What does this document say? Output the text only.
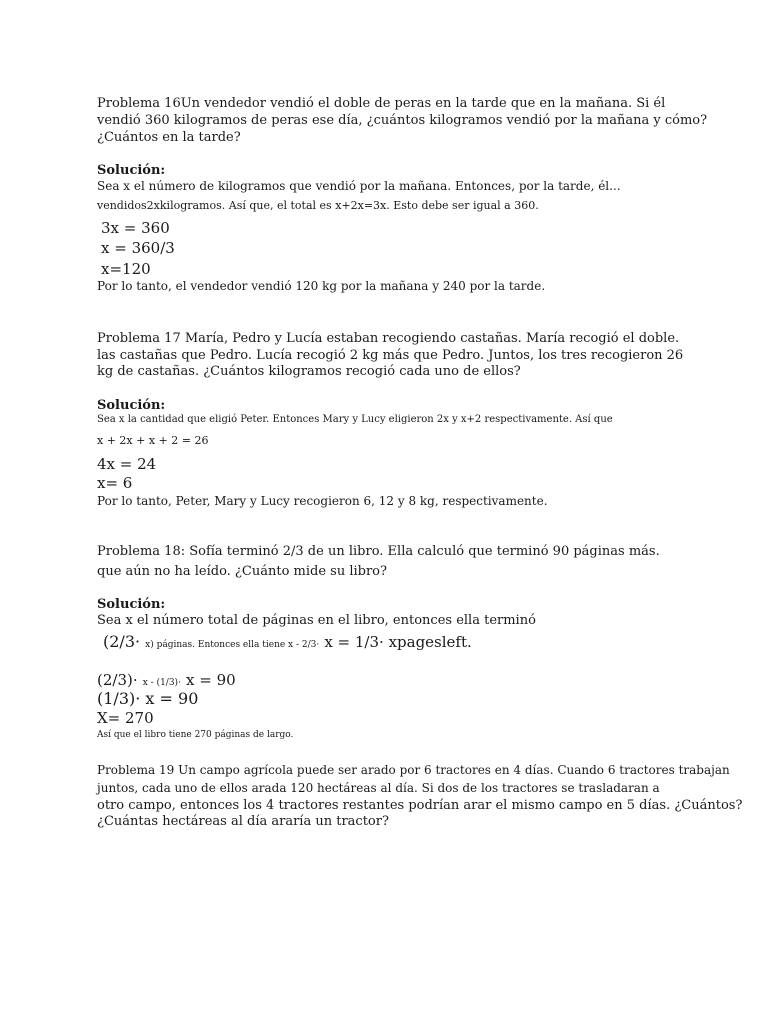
Problema 16Un vendedor vendió el doble de peras en la tarde que en la mañana. Si él
vendió 360 kilogramos de peras ese día, ¿cuántos kilogramos vendió por la mañana y cómo?
¿Cuántos en la tarde?
Solución:
Sea x el número de kilogramos que vendió por la mañana. Entonces, por la tarde, él...
vendidos2xkilogramos. Así que, el total es x+2x=3x. Esto debe ser igual a 360.
3x = 360
x = 360/3
x=120
Por lo tanto, el vendedor vendió 120 kg por la mañana y 240 por la tarde.
Problema 17 María, Pedro y Lucía estaban recogiendo castañas. María recogió el doble.
las castañas que Pedro. Lucía recogió 2 kg más que Pedro. Juntos, los tres recogieron 26
kg de castañas. ¿Cuántos kilogramos recogió cada uno de ellos?
Solución:
Sea x la cantidad que eligió Peter. Entonces Mary y Lucy eligieron 2x y x+2 respectivamente. Así que
x + 2x + x + 2 = 26
4x = 24
x= 6
Por lo tanto, Peter, Mary y Lucy recogieron 6, 12 y 8 kg, respectivamente.
Problema 18: Sofía terminó 2/3 de un libro. Ella calculó que terminó 90 páginas más.
que aún no ha leído. ¿Cuánto mide su libro?
Solución:
Sea x el número total de páginas en el libro, entonces ella terminó
(2/3· x) páginas. Entonces ella tiene x - 2/3· x = 1/3· xpagesleft.
(2/3)· x - (1/3)· x = 90
(1/3)· x = 90
X= 270
Así que el libro tiene 270 páginas de largo.
Problema 19 Un campo agrícola puede ser arado por 6 tractores en 4 días. Cuando 6 tractores trabajan
juntos, cada uno de ellos arada 120 hectáreas al día. Si dos de los tractores se trasladaran a
otro campo, entonces los 4 tractores restantes podrían arar el mismo campo en 5 días. ¿Cuántos?
¿Cuántas hectáreas al día araría un tractor?
